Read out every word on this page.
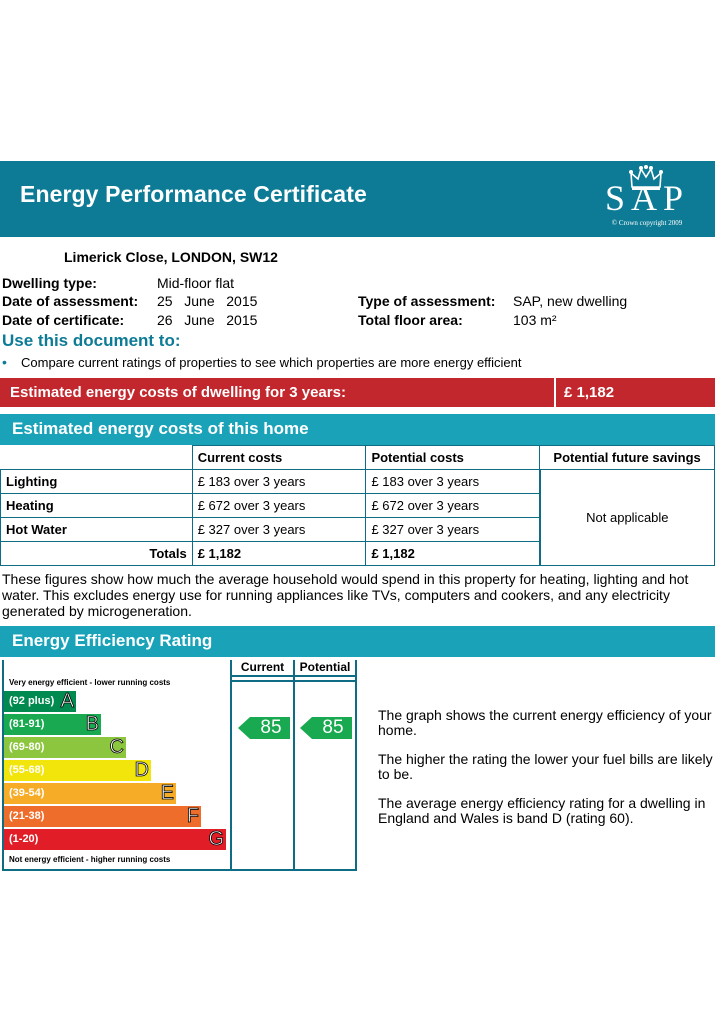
Energy Performance Certificate	SAP
© Crown copyright 2009
Limerick Close, LONDON, SW12
Dwelling type:	Mid-floor flat
Date of assessment: 25   June   2015
Date of certificate: 26   June   2015
Type of assessment: SAP, new dwelling
Total floor area:	103 m²
Use this document to:
• Compare current ratings of properties to see which properties are more energy efficient
Estimated energy costs of dwelling for 3 years:	£ 1,182
Estimated energy costs of this home
	Current costs	Potential costs	Potential future savings
Lighting	£ 183 over 3 years	£ 183 over 3 years	Not applicable
Heating	£ 672 over 3 years	£ 672 over 3 years	
Hot Water	£ 327 over 3 years	£ 327 over 3 years	
Totals	£ 1,182	£ 1,182	
These figures show how much the average household would spend in this property for heating, lighting and hot water. This excludes energy use for running appliances like TVs, computers and cookers, and any electricity generated by microgeneration.
Energy Efficiency Rating
Current	Potential
Very energy efficient - lower running costs
Not energy efficient - higher running costs
(92 plus) A
(81-91) B
(69-80)	C
(55-68)	D
(39-54)	E
(21-38)	F
(1-20)	G
85	85
The graph shows the current energy efficiency of your home.
The higher the rating the lower your fuel bills are likely to be.
The average energy efficiency rating for a dwelling in England and Wales is band D (rating 60).
